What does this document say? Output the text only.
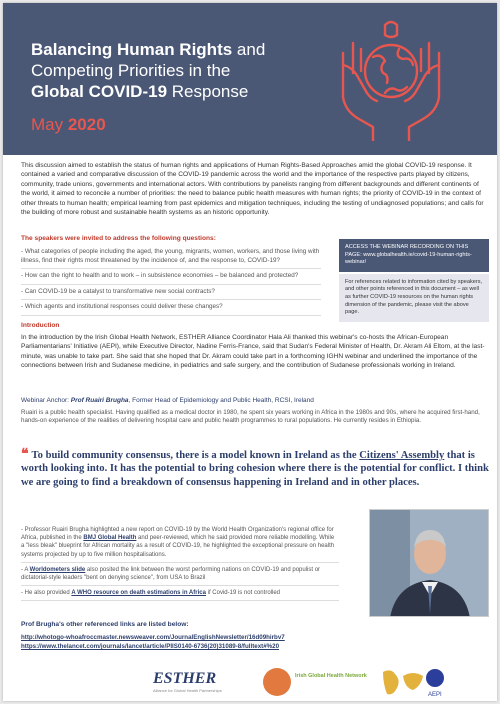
Balancing Human Rights and
Competing Priorities in the
Global COVID-19 Response
May 2020
This discussion aimed to establish the status of human rights and applications of Human Rights-Based Approaches amid the global COVID-19 response. It contained a varied and comparative discussion of the COVID-19 pandemic across the world and the importance of the respective parts played by citizens, community, trade unions, governments and international actors. With contributions by panelists ranging from different backgrounds and different continents of the world, it aimed to reconcile a number of priorities: the need to balance public health measures with human rights; the priority of COVID-19 in the context of other threats to human health; empirical learning from past epidemics and mitigation techniques, including the testing of undiagnosed populations; and calls for the building of more robust and sustainable health systems as an historic opportunity.
The speakers were invited to address the following questions:
- What categories of people including the aged, the young, migrants, women, workers, and those living with illness, find their rights most threatened by the incidence of, and the response to, COVID-19?
- How can the right to health and to work – in subsistence economies – be balanced and protected?
- Can COVID-19 be a catalyst to transformative new social contracts?
- Which agents and institutional responses could deliver these changes?
ACCESS THE WEBINAR RECORDING ON THIS PAGE: www.globalhealth.ie/covid-19-human-rights-webinar/
For references related to information cited by speakers, and other points referenced in this document – as well as further COVID-19 resources on the human rights dimension of the pandemic, please visit the above page.
Introduction
In the introduction by the Irish Global Health Network, ESTHER Alliance Coordinator Hala Ali thanked this webinar's co-hosts the African-European Parliamentarians' Initiative (AEPI), while Executive Director, Nadine Ferris-France, said that Sudan's Federal Minister of Health, Dr. Akram Ali Eltom, at the last-minute, was unable to take part. She said that she hoped that Dr. Akram could take part in a forthcoming IGHN webinar and underlined the importance of the connections between Irish and Sudanese medicine, in pediatrics and safe surgery, and the contribution of Sudanese professionals working in Ireland.
Webinar Anchor: Prof Ruairi Brugha, Former Head of Epidemiology and Public Health, RCSI, Ireland
Ruairi is a public health specialist. Having qualified as a medical doctor in 1980, he spent six years working in Africa in the 1980s and 90s, where he acquired first-hand, hands-on experience of the realities of delivering hospital care and public health programmes to rural populations. He currently resides in Ethiopia.
❝ To build community consensus, there is a model known in Ireland as the Citizens' Assembly that is worth looking into. It has the potential to bring cohesion where there is the potential for conflict. I think we are going to find a breakdown of consensus happening in Ireland and in other places.
- Professor Ruairi Brugha highlighted a new report on COVID-19 by the World Health Organization's regional office for Africa, published in the BMJ Global Health and peer-reviewed, which he said provided more reliable modelling. While a "less bleak" blueprint for African mortality as a result of COVID-19, he highlighted the exceptional pressure on health systems projected by up to five million hospitalisations.
- A Worldometers slide also posited the link between the worst performing nations on COVID-19 and populist or dictatorial-style leaders "bent on denying science", from USA to Brazil
- He also provided A WHO resource on death estimations in Africa if Covid-19 is not controlled
Prof Brugha's other referenced links are listed below:
http://whotogo-whoafroccmaster.newsweaver.com/JournalEnglishNewsletter/16d09hirbv7
https://www.thelancet.com/journals/lancet/article/PIIS0140-6736(20)31089-8/fulltext#%20
ESTHER
Alliance for Global Health Partnerships
Irish Global Health Network
AEPI
